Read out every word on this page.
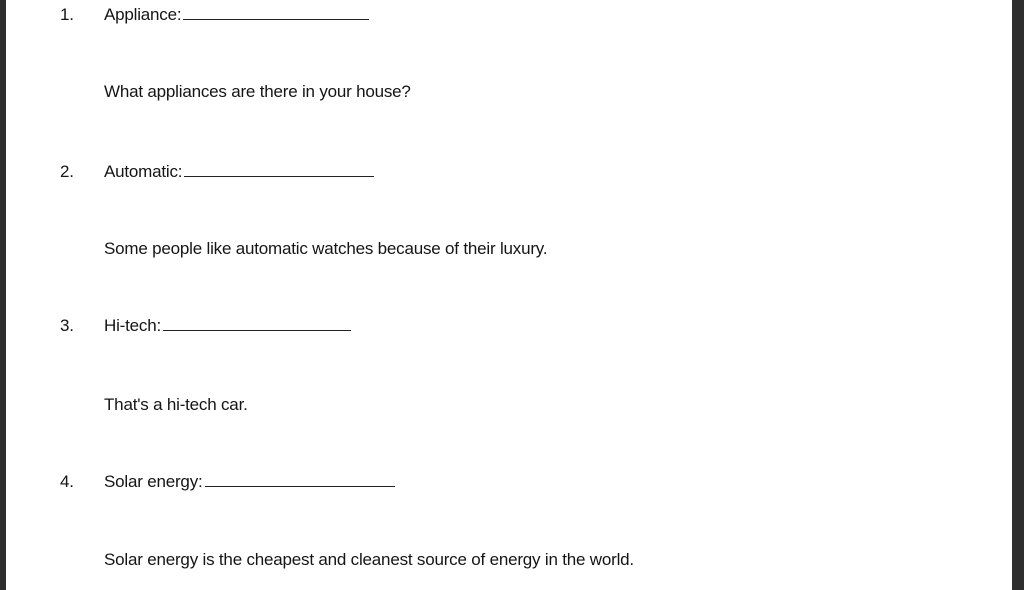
1. Appliance:
What appliances are there in your house?
2. Automatic:
Some people like automatic watches because of their luxury.
3. Hi-tech:
That's a hi-tech car.
4. Solar energy:
Solar energy is the cheapest and cleanest source of energy in the world.
